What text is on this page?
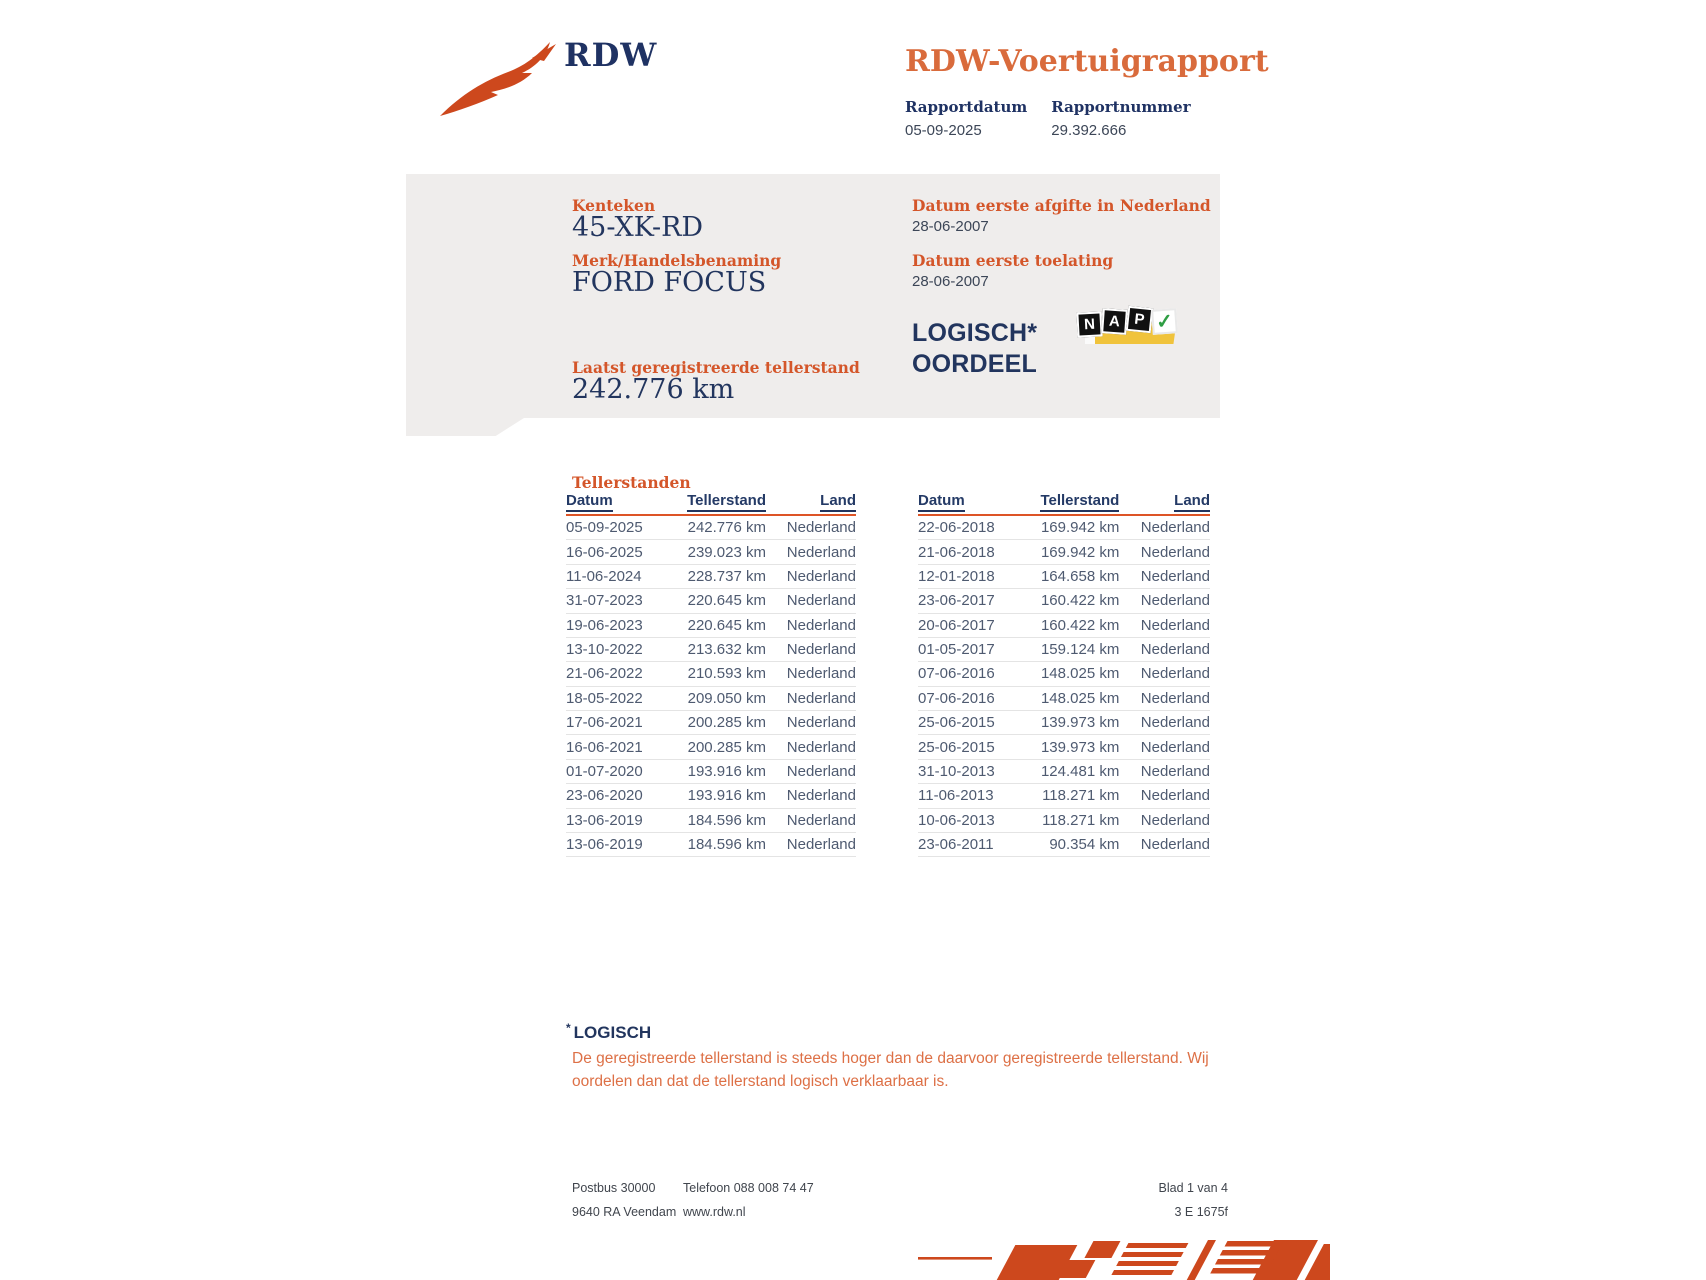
RDW	RDW-Voertuigrapport
Rapportdatum
05-09-2025
Rapportnummer
29.392.666
Kenteken
45-XK-RD
Merk/Handelsbenaming
FORD FOCUS
Laatst geregistreerde tellerstand
242.776 km
Datum eerste afgifte in Nederland
28-06-2007
Datum eerste toelating
28-06-2007
LOGISCH*
OORDEEL
N A P ✓
Tellerstanden
Datum	Tellerstand	Land
05-09-2025	242.776 km	Nederland
16-06-2025	239.023 km	Nederland
11-06-2024	228.737 km	Nederland
31-07-2023	220.645 km	Nederland
19-06-2023	220.645 km	Nederland
13-10-2022	213.632 km	Nederland
21-06-2022	210.593 km	Nederland
18-05-2022	209.050 km	Nederland
17-06-2021	200.285 km	Nederland
16-06-2021	200.285 km	Nederland
01-07-2020	193.916 km	Nederland
23-06-2020	193.916 km	Nederland
13-06-2019	184.596 km	Nederland
13-06-2019	184.596 km	Nederland
Datum	Tellerstand	Land
22-06-2018	169.942 km	Nederland
21-06-2018	169.942 km	Nederland
12-01-2018	164.658 km	Nederland
23-06-2017	160.422 km	Nederland
20-06-2017	160.422 km	Nederland
01-05-2017	159.124 km	Nederland
07-06-2016	148.025 km	Nederland
07-06-2016	148.025 km	Nederland
25-06-2015	139.973 km	Nederland
25-06-2015	139.973 km	Nederland
31-10-2013	124.481 km	Nederland
11-06-2013	118.271 km	Nederland
10-06-2013	118.271 km	Nederland
23-06-2011	90.354 km	Nederland
* LOGISCH
De geregistreerde tellerstand is steeds hoger dan de daarvoor geregistreerde tellerstand. Wij oordelen dan dat de tellerstand logisch verklaarbaar is.
Postbus 30000
9640 RA Veendam
Telefoon 088 008 74 47
www.rdw.nl
Blad 1 van 4
3 E 1675f
